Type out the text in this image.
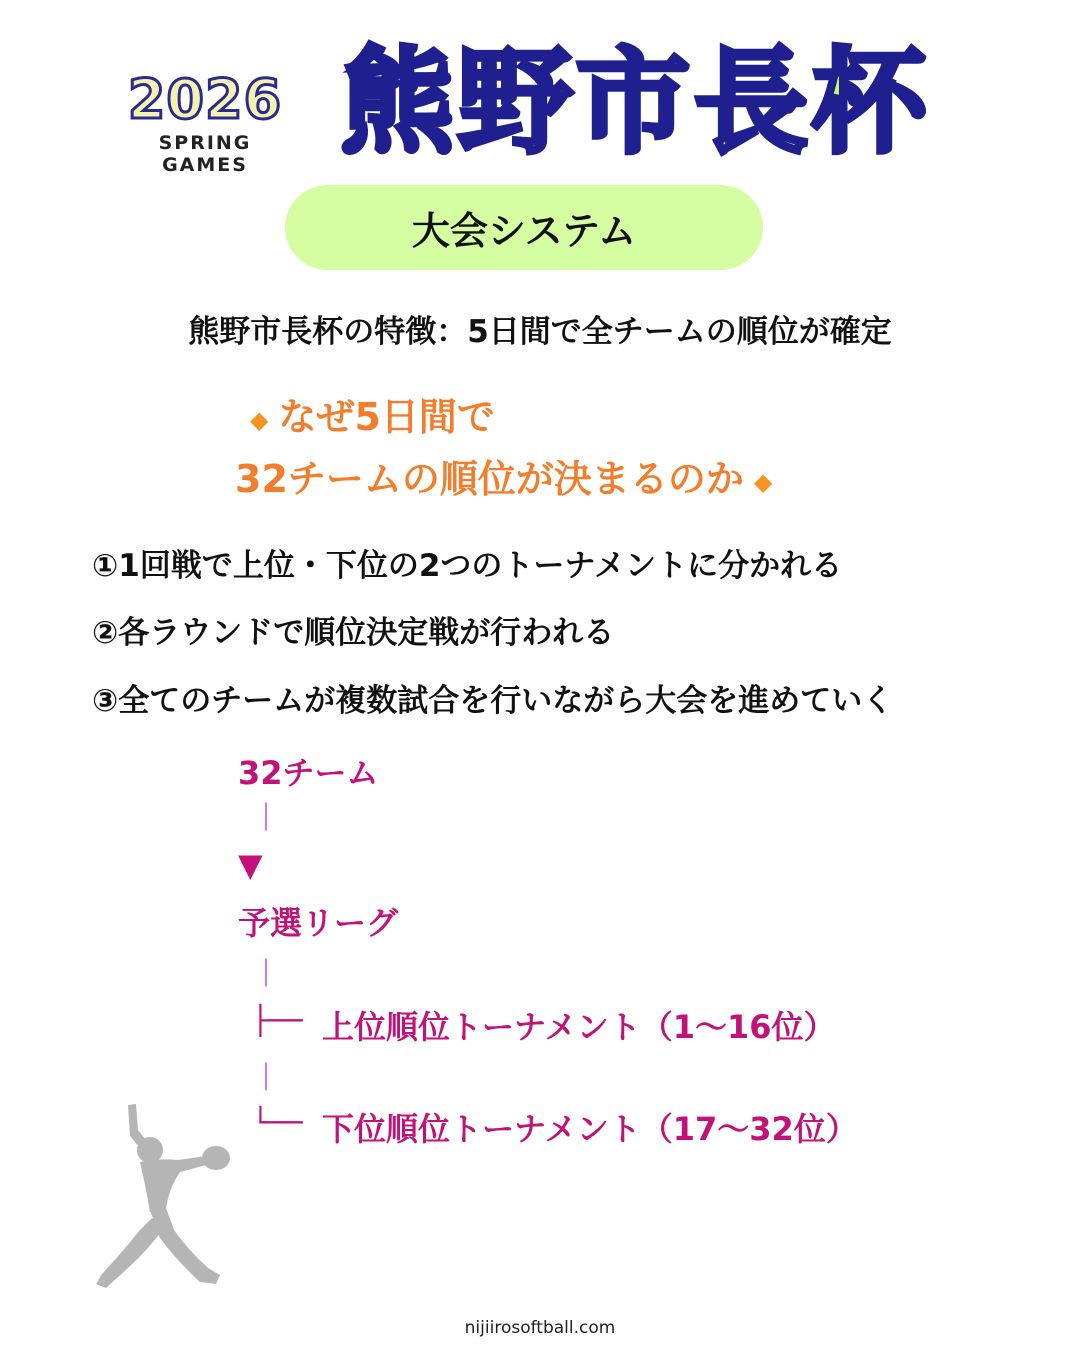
2026
SPRING GAMES 熊野市長杯
大会システム
熊野市長杯の特徴：5日間で全チームの順位が確定
◆ なぜ5日間で
32チームの順位が決まるのか ◆
①1回戦で上位・下位の2つのトーナメントに分かれる
②各ラウンドで順位決定戦が行われる
③全てのチームが複数試合を行いながら大会を進めていく
32チーム
｜
▼
予選リーグ
｜
├── 上位順位トーナメント（1〜16位）
｜
└── 下位順位トーナメント（17〜32位）
nijiirosoftball.com
